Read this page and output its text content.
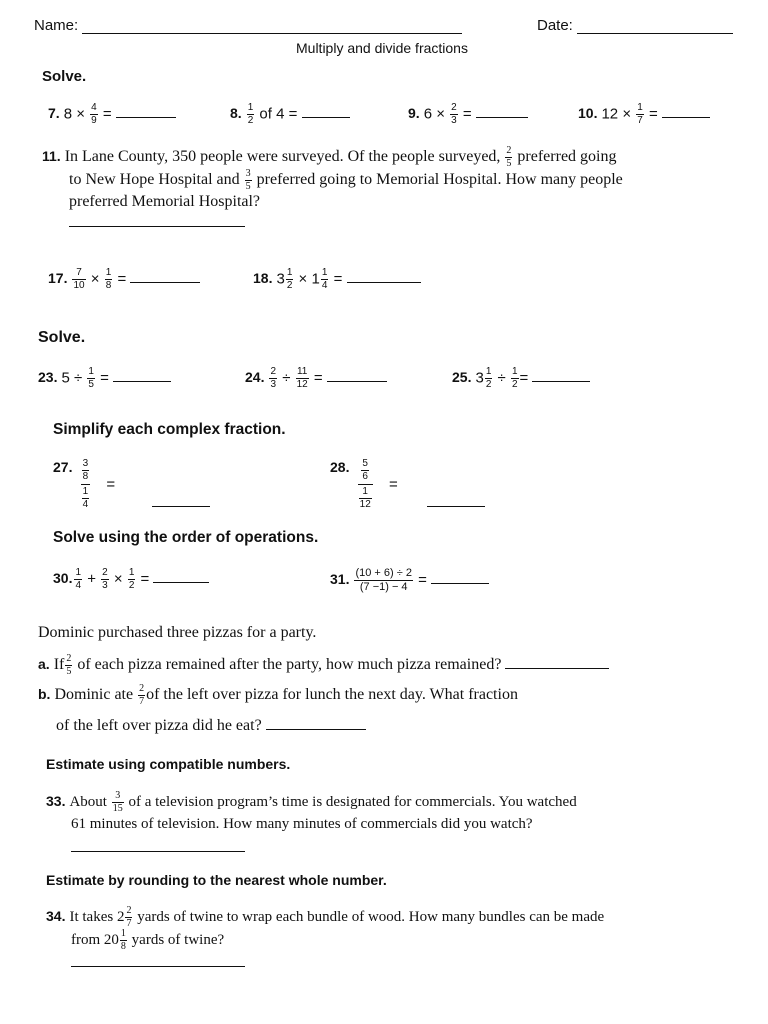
Name:	Date:
Multiply and divide fractions
Solve.
7. $8 \times \frac{4}{9}$ =	8. $\frac{1}{2}$ of 4 =	9. $6 \times \frac{2}{3}$ =	10. $12 \times \frac{1}{7}$ =
11. In Lane County, 350 people were surveyed. Of the people surveyed, $\frac{2}{5}$ preferred going
to New Hope Hospital and $\frac{3}{5}$ preferred going to Memorial Hospital. How many people
preferred Memorial Hospital?
17. $\frac{7}{10} \times \frac{1}{8}$ =	18. $3 \frac{1}{2} \times 1 \frac{1}{4}$ =
Solve.
23. $5 \div \frac{1}{5}$ =	24. $\frac{2}{3} \div \frac{11}{12}$ =	25. $3 \frac{1}{2} \div \frac{1}{2}$ =
Simplify each complex fraction.
27. $\frac{\frac{3}{8}}{\frac{1}{4}}$ =
28. $\frac{\frac{5}{6}}{\frac{1}{12}}$ =
Solve using the order of operations.
30. $\frac{1}{4} + \frac{2}{3} \times \frac{1}{2}$ =	31. $\frac{(10 + 6) \div 2}{(7 -1) - 4}$ =
Dominic purchased three pizzas for a party.
a. If $\frac{2}{5}$ of each pizza remained after the party, how much pizza remained?
b. Dominic ate $\frac{2}{7}$ of the left over pizza for lunch the next day. What fraction
of the left over pizza did he eat?
Estimate using compatible numbers.
33. About $\frac{3}{15}$ of a television program’s time is designated for commercials. You watched
61 minutes of television. How many minutes of commercials did you watch?
Estimate by rounding to the nearest whole number.
34. It takes $2 \frac{2}{7}$ yards of twine to wrap each bundle of wood. How many bundles can be made
from $20 \frac{1}{8}$ yards of twine?
